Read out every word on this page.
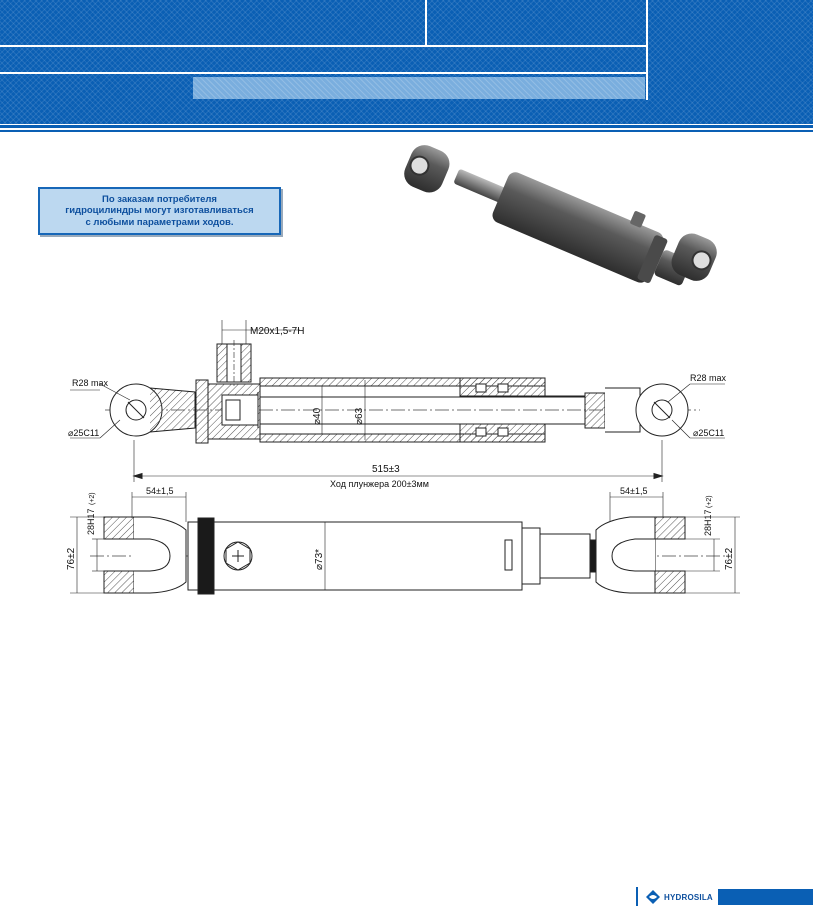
По заказам потребителя
гидроцилиндры могут изготавливаться
с любыми параметрами ходов.
M20x1,5-7H
R28 max	R28 max
⌀25С11	⌀25С11
⌀40	⌀63
515±3
Ход плунжера 200±3мм
54±1,5	54±1,5
28Н17
(+2)
28Н17
(+2)
76±2	76±2
⌀73*
HYDROSILA
